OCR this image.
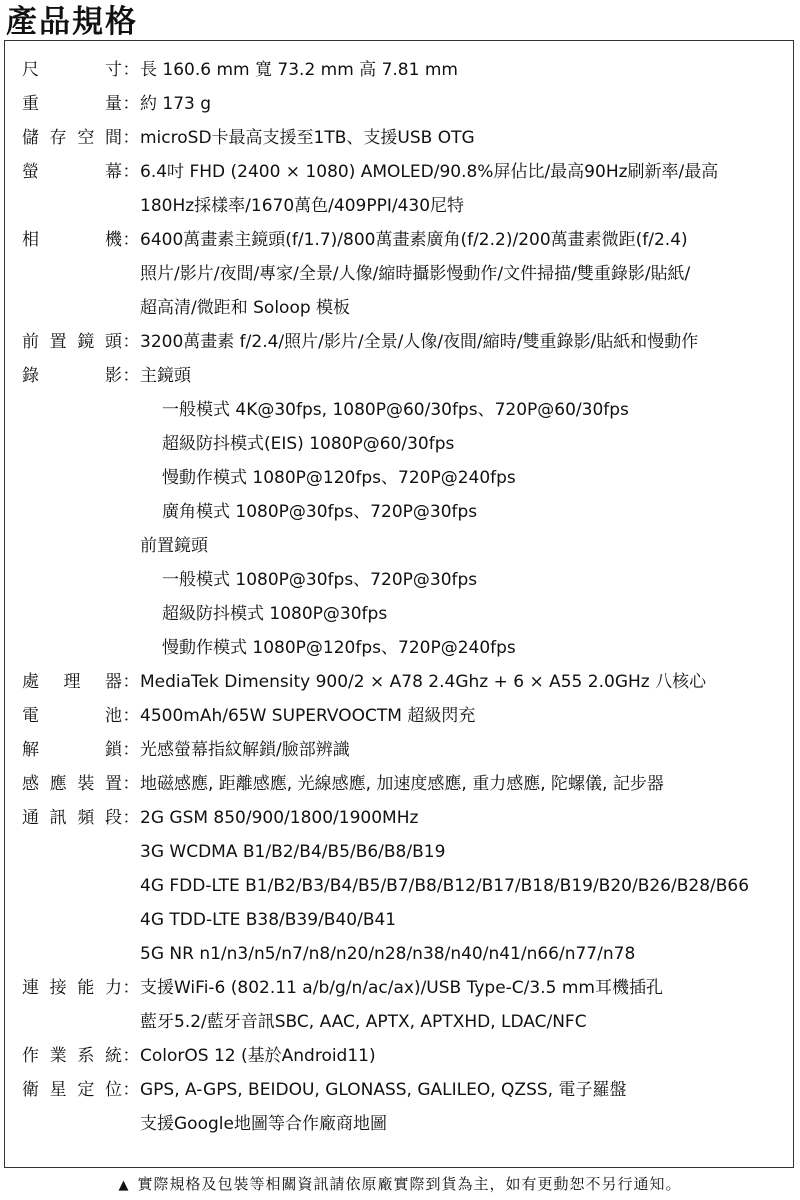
產品規格
尺寸 ： 長 160.6 mm 寬 73.2 mm 高 7.81 mm
重量 ： 約 173 g
儲存空間 ： microSD卡最高支援至1TB、支援USB OTG
螢幕 ： 6.4吋 FHD (2400 × 1080) AMOLED/90.8%屏佔比/最高90Hz刷新率/最高
180Hz採樣率/1670萬色/409PPI/430尼特
相機 ： 6400萬畫素主鏡頭(f/1.7)/800萬畫素廣角(f/2.2)/200萬畫素微距(f/2.4)
照片/影片/夜間/專家/全景/人像/縮時攝影慢動作/文件掃描/雙重錄影/貼紙/
超高清/微距和 Soloop 模板
前置鏡頭 ： 3200萬畫素 f/2.4/照片/影片/全景/人像/夜間/縮時/雙重錄影/貼紙和慢動作
錄影 ： 主鏡頭
一般模式 4K@30fps, 1080P@60/30fps、720P@60/30fps
超級防抖模式(EIS) 1080P@60/30fps
慢動作模式 1080P@120fps、720P@240fps
廣角模式 1080P@30fps、720P@30fps
前置鏡頭
一般模式 1080P@30fps、720P@30fps
超級防抖模式 1080P@30fps
慢動作模式 1080P@120fps、720P@240fps
處理器 ： MediaTek Dimensity 900/2 × A78 2.4Ghz + 6 × A55 2.0GHz 八核心
電池 ： 4500mAh/65W SUPERVOOCTM 超級閃充
解鎖 ： 光感螢幕指紋解鎖/臉部辨識
感應裝置 ： 地磁感應, 距離感應, 光線感應, 加速度感應, 重力感應, 陀螺儀, 記步器
通訊頻段 ： 2G GSM 850/900/1800/1900MHz
3G WCDMA B1/B2/B4/B5/B6/B8/B19
4G FDD-LTE B1/B2/B3/B4/B5/B7/B8/B12/B17/B18/B19/B20/B26/B28/B66
4G TDD-LTE B38/B39/B40/B41
5G NR n1/n3/n5/n7/n8/n20/n28/n38/n40/n41/n66/n77/n78
連接能力 ： 支援WiFi-6 (802.11 a/b/g/n/ac/ax)/USB Type-C/3.5 mm耳機插孔
藍牙5.2/藍牙音訊SBC, AAC, APTX, APTXHD, LDAC/NFC
作業系統 ： ColorOS 12 (基於Android11)
衛星定位 ： GPS, A-GPS, BEIDOU, GLONASS, GALILEO, QZSS, 電子羅盤
支援Google地圖等合作廠商地圖
▲ 實際規格及包裝等相關資訊請依原廠實際到貨為主，如有更動恕不另行通知。
